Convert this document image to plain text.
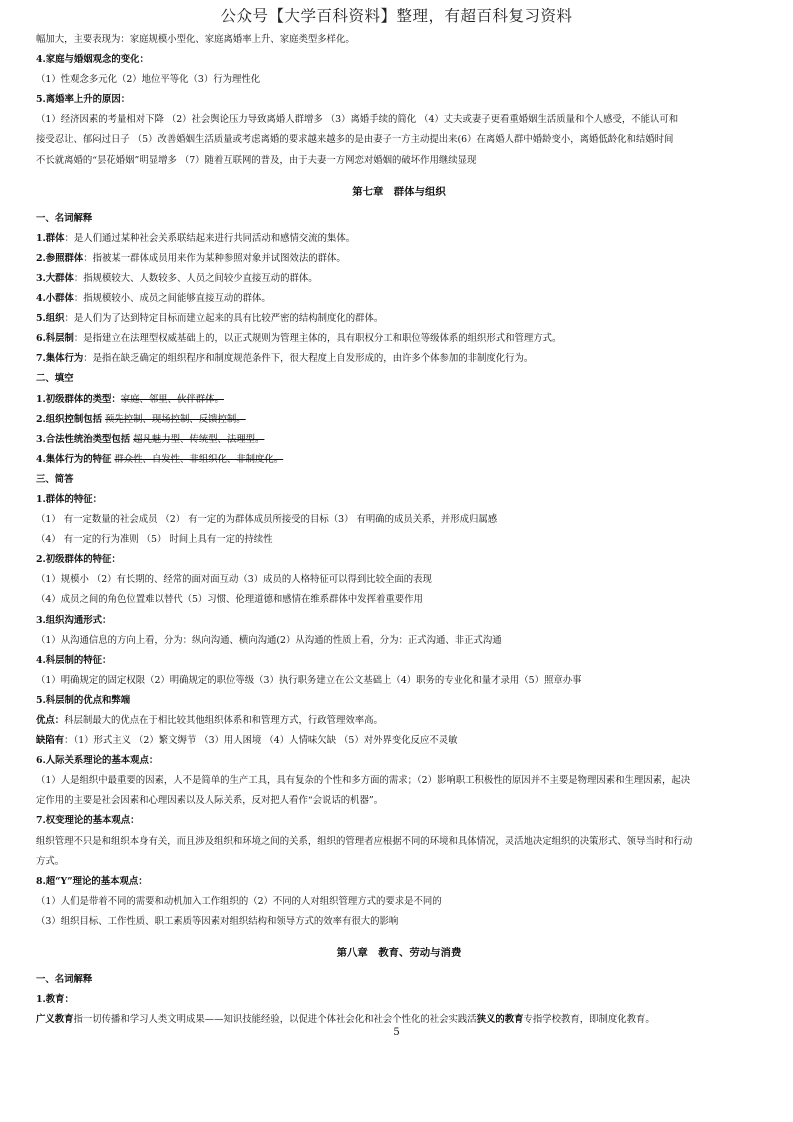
公众号【大学百科资料】整理，有超百科复习资料
幅加大，主要表现为：家庭规模小型化、家庭离婚率上升、家庭类型多样化。
4.家庭与婚姻观念的变化：
（1）性观念多元化（2）地位平等化（3）行为理性化
5.离婚率上升的原因：
（1）经济因素的考量相对下降 （2）社会舆论压力导致离婚人群增多 （3）离婚手续的简化 （4）丈夫或妻子更看重婚姻生活质量和个人感受，不能认可和
接受忍让、郁闷过日子 （5）改善婚姻生活质量或考虑离婚的要求越来越多的是由妻子一方主动提出来(6）在离婚人群中婚龄变小，离婚低龄化和结婚时间
不长就离婚的“昙花婚姻”明显增多 （7）随着互联网的普及，由于夫妻一方网恋对婚姻的破坏作用继续显现
第七章　群体与组织
一、名词解释
1.群体：是人们通过某种社会关系联结起来进行共同活动和感情交流的集体。
2.参照群体：指被某一群体成员用来作为某种参照对象并试图效法的群体。
3.大群体：指规模较大、人数较多、人员之间较少直接互动的群体。
4.小群体：指规模较小、成员之间能够直接互动的群体。
5.组织：是人们为了达到特定目标而建立起来的具有比较严密的结构制度化的群体。
6.科层制：是指建立在法理型权威基础上的，以正式规则为管理主体的，具有职权分工和职位等级体系的组织形式和管理方式。
7.集体行为：是指在缺乏确定的组织程序和制度规范条件下，很大程度上自发形成的，由许多个体参加的非制度化行为。
二、填空
1.初级群体的类型：家庭、邻里、伙伴群体。
2.组织控制包括 预先控制、现场控制、反馈控制。
3.合法性统治类型包括 超凡魅力型、传统型、法理型。
4.集体行为的特征 群众性、自发性、非组织化、非制度化。
三、简答
1.群体的特征：
（1） 有一定数量的社会成员 （2） 有一定的为群体成员所接受的目标（3） 有明确的成员关系，并形成归属感
（4） 有一定的行为准则 （5） 时间上具有一定的持续性
2.初级群体的特征：
（1）规模小 （2）有长期的、经常的面对面互动（3）成员的人格特征可以得到比较全面的表现
（4）成员之间的角色位置难以替代（5）习惯、伦理道德和感情在维系群体中发挥着重要作用
3.组织沟通形式：
（1）从沟通信息的方向上看，分为：纵向沟通、横向沟通(2）从沟通的性质上看，分为：正式沟通、非正式沟通
4.科层制的特征：
（1）明确规定的固定权限（2）明确规定的职位等级（3）执行职务建立在公文基础上（4）职务的专业化和量才录用（5）照章办事
5.科层制的优点和弊端
优点：科层制最大的优点在于相比较其他组织体系和和管理方式，行政管理效率高。
缺陷有：（1）形式主义 （2）繁文缛节 （3）用人困境 （4）人情味欠缺 （5）对外界变化反应不灵敏
6.人际关系理论的基本观点：
（1）人是组织中最重要的因素，人不是简单的生产工具，具有复杂的个性和多方面的需求；（2）影响职工积极性的原因并不主要是物理因素和生理因素，起决
定作用的主要是社会因素和心理因素以及人际关系，反对把人看作“会说话的机器”。
7.权变理论的基本观点：
组织管理不只是和组织本身有关，而且涉及组织和环境之间的关系，组织的管理者应根据不同的环境和具体情况，灵活地决定组织的决策形式、领导当时和行动
方式。
8.超“Y”理论的基本观点：
（1）人们是带着不同的需要和动机加入工作组织的（2）不同的人对组织管理方式的要求是不同的
（3）组织目标、工作性质、职工素质等因素对组织结构和领导方式的效率有很大的影响
第八章　教育、劳动与消费
一、名词解释
1.教育：
广义教育指一切传播和学习人类文明成果——知识技能经验，以促进个体社会化和社会个性化的社会实践活狭义的教育专指学校教育，即制度化教育。
5
